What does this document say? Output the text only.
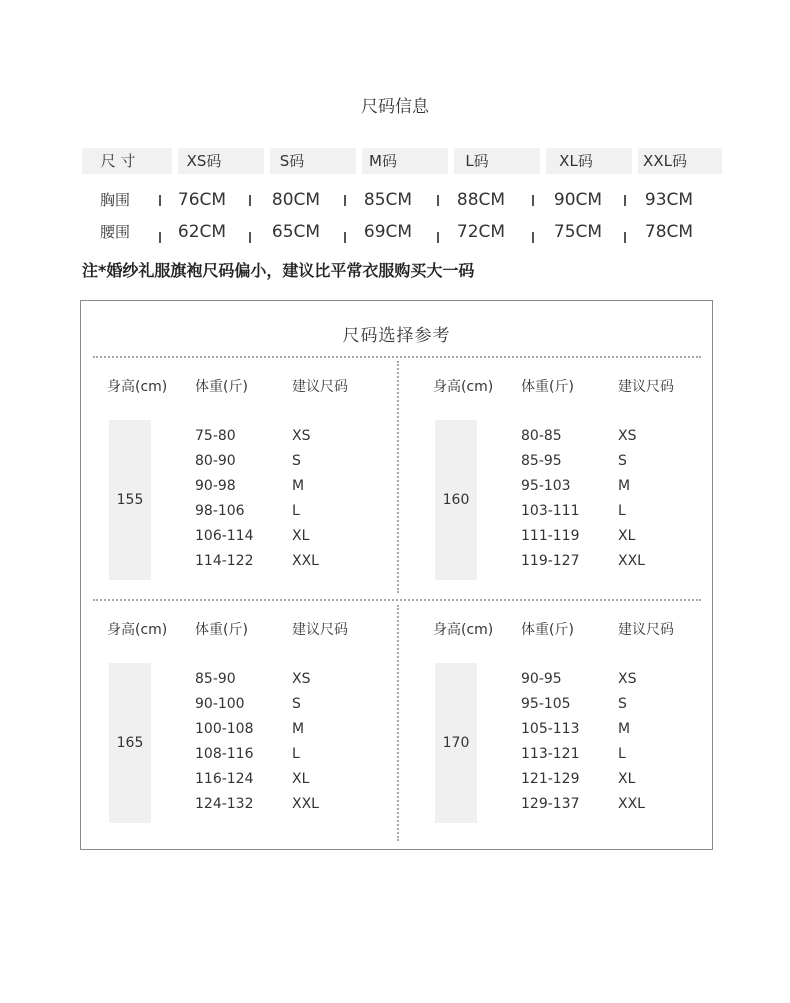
尺码信息
尺 寸	XS码	S码	M码	L码	XL码	XXL码
胸围	76CM	80CM	85CM	88CM	90CM	93CM
腰围	62CM	65CM	69CM	72CM	75CM	78CM
注*婚纱礼服旗袍尺码偏小，建议比平常衣服购买大一码
尺码选择参考
身高(cm) 体重(斤)	建议尺码
155
75-80	XS
80-90	S
90-98	M
98-106	L
106-114	XL
114-122	XXL
身高(cm) 体重(斤)	建议尺码
160
80-85	XS
85-95	S
95-103	M
103-111	L
111-119	XL
119-127	XXL
身高(cm) 体重(斤)	建议尺码
165
85-90	XS
90-100	S
100-108	M
108-116	L
116-124	XL
124-132	XXL
身高(cm) 体重(斤)	建议尺码
170
90-95	XS
95-105	S
105-113	M
113-121	L
121-129	XL
129-137	XXL
